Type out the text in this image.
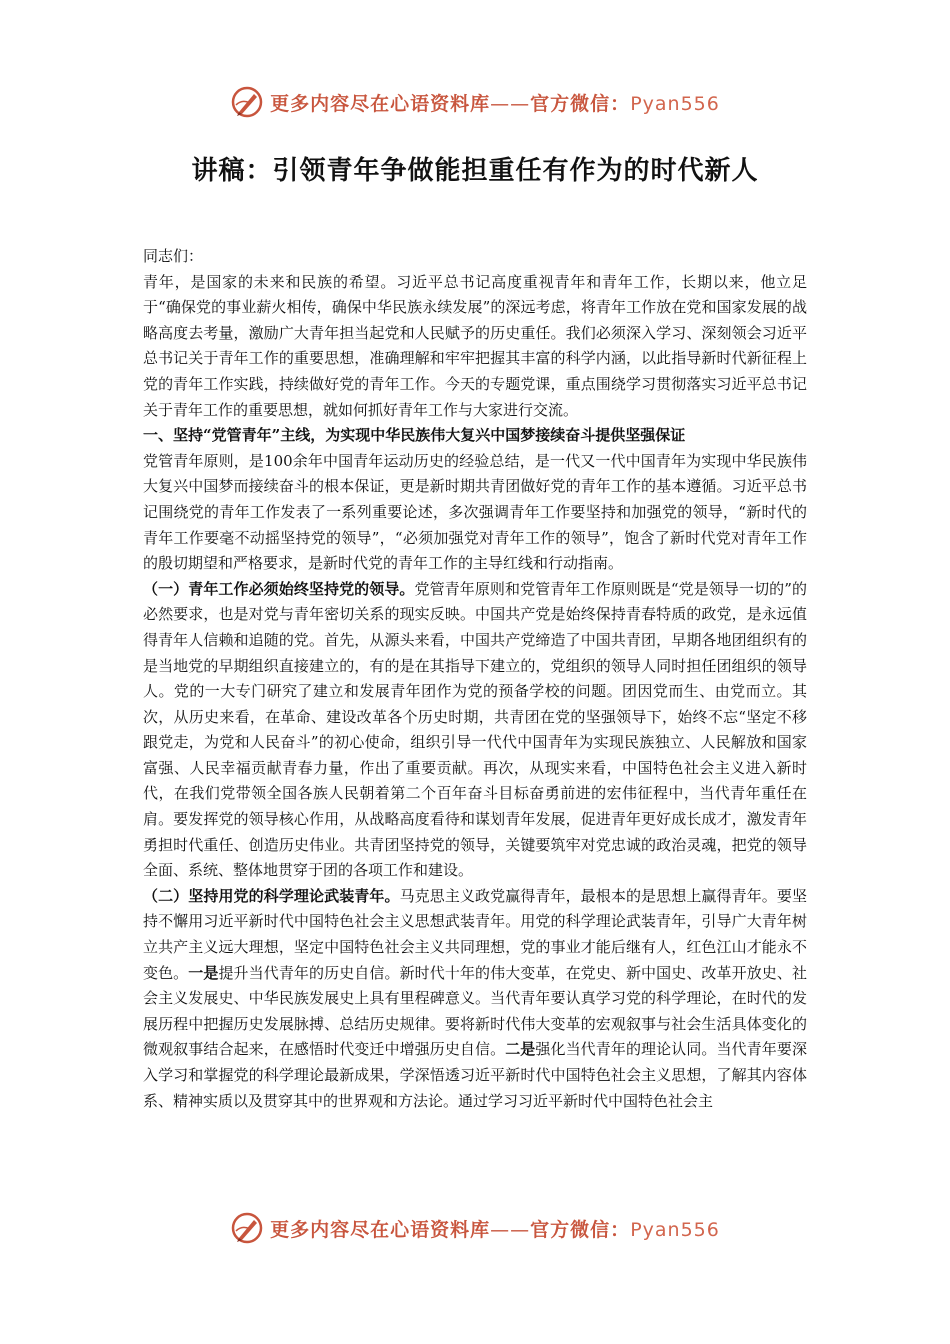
更多内容尽在心语资料库——官方微信：Pyan556
讲稿：引领青年争做能担重任有作为的时代新人

同志们：

青年，是国家的未来和民族的希望。习近平总书记高度重视青年和青年工作，长期以来，他立足于“确保党的事业薪火相传，确保中华民族永续发展”的深远考虑，将青年工作放在党和国家发展的战略高度去考量，激励广大青年担当起党和人民赋予的历史重任。我们必须深入学习、深刻领会习近平总书记关于青年工作的重要思想，准确理解和牢牢把握其丰富的科学内涵，以此指导新时代新征程上党的青年工作实践，持续做好党的青年工作。今天的专题党课，重点围绕学习贯彻落实习近平总书记关于青年工作的重要思想，就如何抓好青年工作与大家进行交流。

一、坚持“党管青年”主线，为实现中华民族伟大复兴中国梦接续奋斗提供坚强保证

党管青年原则，是100余年中国青年运动历史的经验总结，是一代又一代中国青年为实现中华民族伟大复兴中国梦而接续奋斗的根本保证，更是新时期共青团做好党的青年工作的基本遵循。习近平总书记围绕党的青年工作发表了一系列重要论述，多次强调青年工作要坚持和加强党的领导，“新时代的青年工作要毫不动摇坚持党的领导”，“必须加强党对青年工作的领导”，饱含了新时代党对青年工作的殷切期望和严格要求，是新时代党的青年工作的主导红线和行动指南。

（一）青年工作必须始终坚持党的领导。党管青年原则和党管青年工作原则既是“党是领导一切的”的必然要求，也是对党与青年密切关系的现实反映。中国共产党是始终保持青春特质的政党，是永远值得青年人信赖和追随的党。首先，从源头来看，中国共产党缔造了中国共青团，早期各地团组织有的是当地党的早期组织直接建立的，有的是在其指导下建立的，党组织的领导人同时担任团组织的领导人。党的一大专门研究了建立和发展青年团作为党的预备学校的问题。团因党而生、由党而立。其次，从历史来看，在革命、建设改革各个历史时期，共青团在党的坚强领导下，始终不忘“坚定不移跟党走，为党和人民奋斗”的初心使命，组织引导一代代中国青年为实现民族独立、人民解放和国家富强、人民幸福贡献青春力量，作出了重要贡献。再次，从现实来看，中国特色社会主义进入新时代，在我们党带领全国各族人民朝着第二个百年奋斗目标奋勇前进的宏伟征程中，当代青年重任在肩。要发挥党的领导核心作用，从战略高度看待和谋划青年发展，促进青年更好成长成才，激发青年勇担时代重任、创造历史伟业。共青团坚持党的领导，关键要筑牢对党忠诚的政治灵魂，把党的领导全面、系统、整体地贯穿于团的各项工作和建设。

（二）坚持用党的科学理论武装青年。马克思主义政党赢得青年，最根本的是思想上赢得青年。要坚持不懈用习近平新时代中国特色社会主义思想武装青年。用党的科学理论武装青年，引导广大青年树立共产主义远大理想，坚定中国特色社会主义共同理想，党的事业才能后继有人，红色江山才能永不变色。一是提升当代青年的历史自信。新时代十年的伟大变革，在党史、新中国史、改革开放史、社会主义发展史、中华民族发展史上具有里程碑意义。当代青年要认真学习党的科学理论，在时代的发展历程中把握历史发展脉搏、总结历史规律。要将新时代伟大变革的宏观叙事与社会生活具体变化的微观叙事结合起来，在感悟时代变迁中增强历史自信。二是强化当代青年的理论认同。当代青年要深入学习和掌握党的科学理论最新成果，学深悟透习近平新时代中国特色社会主义思想，了解其内容体系、精神实质以及贯穿其中的世界观和方法论。通过学习习近平新时代中国特色社会主

更多内容尽在心语资料库——官方微信：Pyan556
